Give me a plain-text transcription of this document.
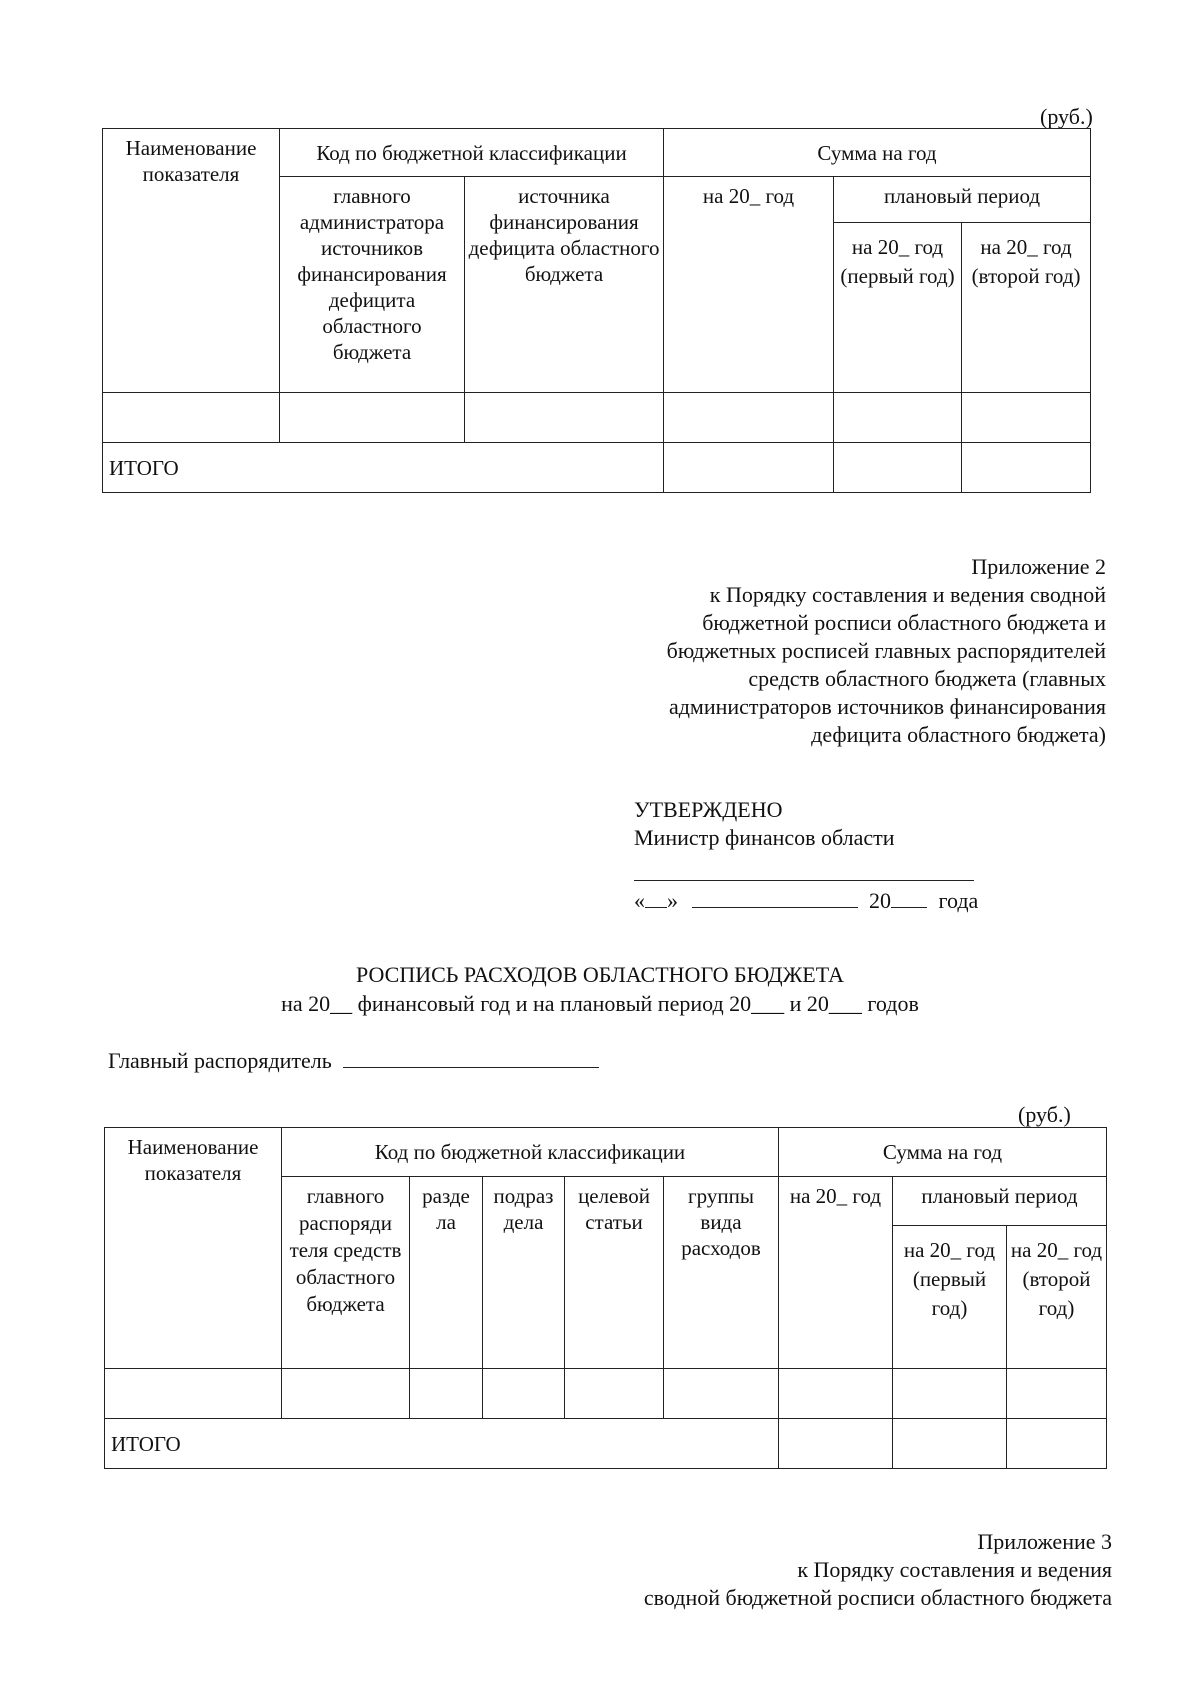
(руб.)
Наименование показателя	Код по бюджетной классификации		Сумма на год		
	главного администратора источников финансирования дефицита областного бюджета	источника финансирования дефицита областного бюджета	на 20_ год	плановый период	
				на 20_ год (первый год)	на 20_ год (второй год)

ИТОГО					
Приложение 2
к Порядку составления и ведения сводной
бюджетной росписи областного бюджета и
бюджетных росписей главных распорядителей
средств областного бюджета (главных
администраторов источников финансирования
дефицита областного бюджета)
УТВЕРЖДЕНО
Министр финансов области
« »	20 года
РОСПИСЬ РАСХОДОВ ОБЛАСТНОГО БЮДЖЕТА
на 20__ финансовый год и на плановый период 20___ и 20___ годов
Главный распорядитель
(руб.)
Наименование показателя	Код по бюджетной классификации					Сумма на год		
	главного распоряди теля средств областного бюджета	разде ла	подраз дела	целевой статьи	группы вида расходов	на 20_ год	плановый период	
							на 20_ год (первый год)	на 20_ год (второй год)

ИТОГО								
Приложение 3
к Порядку составления и ведения
сводной бюджетной росписи областного бюджета
